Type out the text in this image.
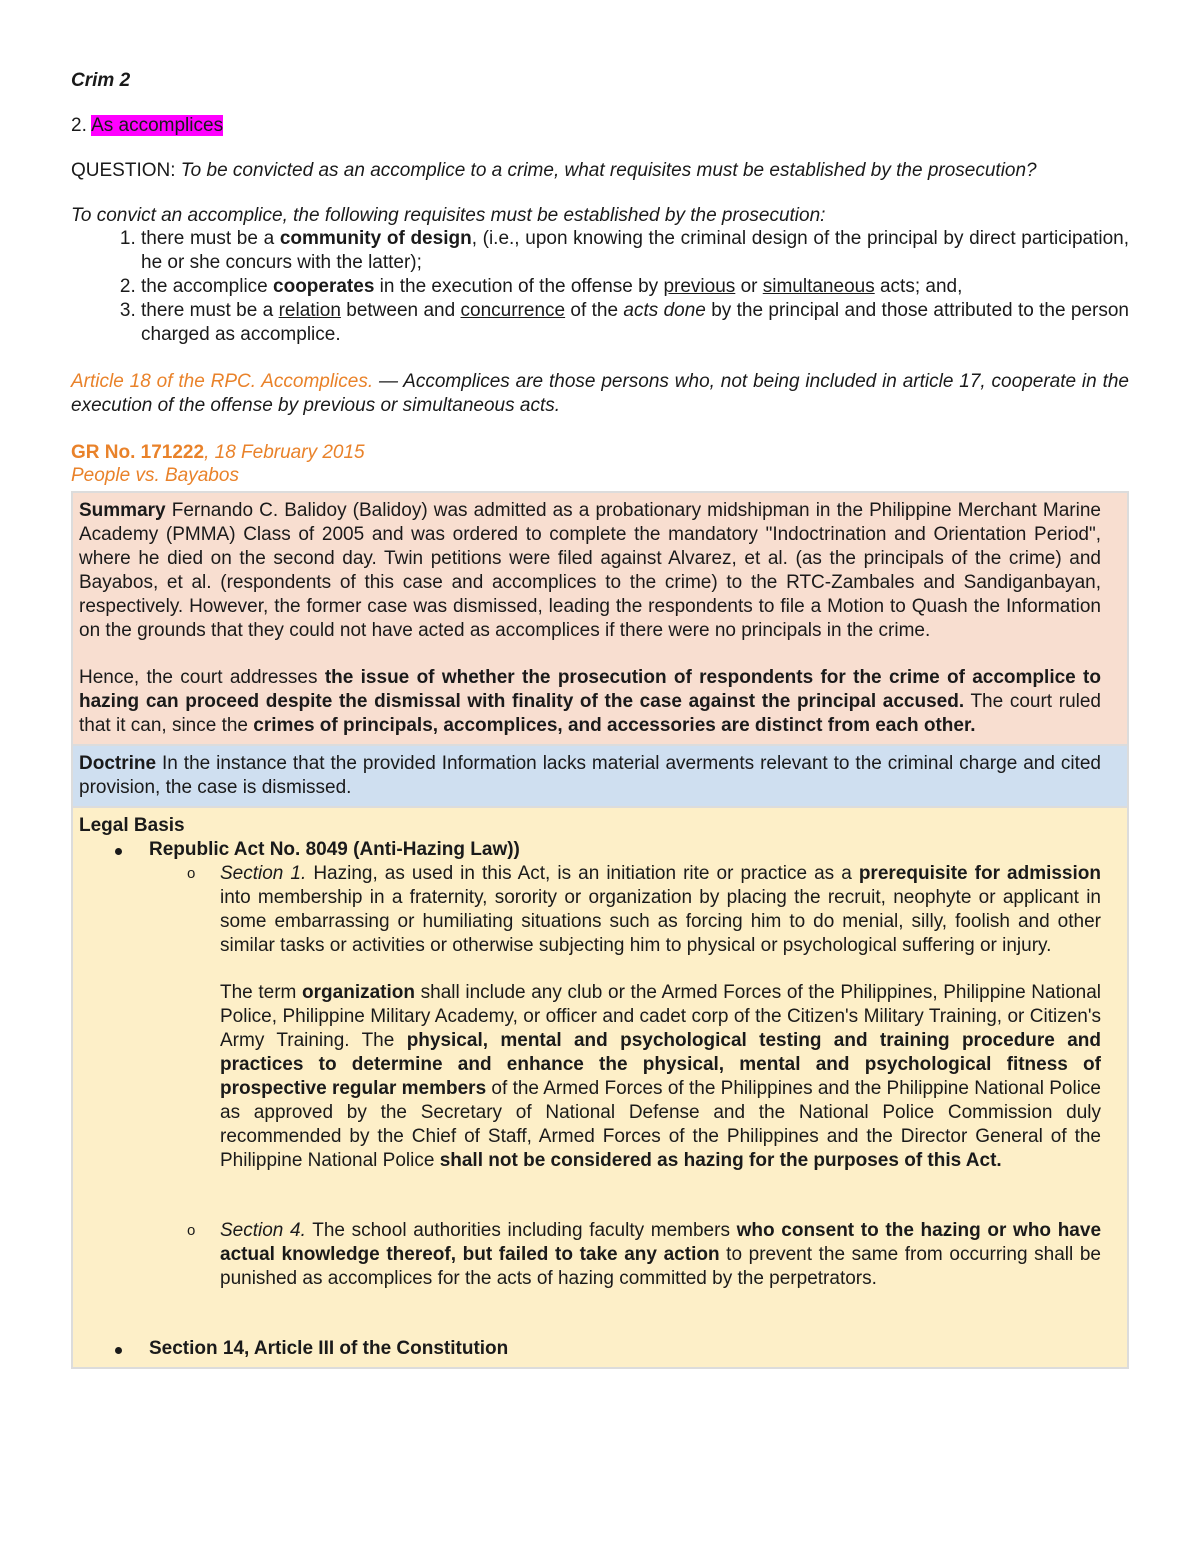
Crim 2

2. As accomplices
QUESTION: To be convicted as an accomplice to a crime, what requisites must be established by the prosecution?
To convict an accomplice, the following requisites must be established by the prosecution:
1. there must be a community of design, (i.e., upon knowing the criminal design of the principal by direct participation, he or she concurs with the latter);
2. the accomplice cooperates in the execution of the offense by previous or simultaneous acts; and,
3. there must be a relation between and concurrence of the acts done by the principal and those attributed to the person charged as accomplice.
Article 18 of the RPC. Accomplices. — Accomplices are those persons who, not being included in article 17, cooperate in the execution of the offense by previous or simultaneous acts.
GR No. 171222, 18 February 2015
People vs. Bayabos
Summary Fernando C. Balidoy (Balidoy) was admitted as a probationary midshipman in the Philippine Merchant Marine Academy (PMMA) Class of 2005 and was ordered to complete the mandatory "Indoctrination and Orientation Period", where he died on the second day. Twin petitions were filed against Alvarez, et al. (as the principals of the crime) and Bayabos, et al. (respondents of this case and accomplices to the crime) to the RTC-Zambales and Sandiganbayan, respectively. However, the former case was dismissed, leading the respondents to file a Motion to Quash the Information on the grounds that they could not have acted as accomplices if there were no principals in the crime.
Hence, the court addresses the issue of whether the prosecution of respondents for the crime of accomplice to hazing can proceed despite the dismissal with finality of the case against the principal accused. The court ruled that it can, since the crimes of principals, accomplices, and accessories are distinct from each other.
Doctrine In the instance that the provided Information lacks material averments relevant to the criminal charge and cited provision, the case is dismissed.
Legal Basis
Republic Act No. 8049 (Anti-Hazing Law))
o Section 1. Hazing, as used in this Act, is an initiation rite or practice as a prerequisite for admission into membership in a fraternity, sorority or organization by placing the recruit, neophyte or applicant in some embarrassing or humiliating situations such as forcing him to do menial, silly, foolish and other similar tasks or activities or otherwise subjecting him to physical or psychological suffering or injury.
The term organization shall include any club or the Armed Forces of the Philippines, Philippine National Police, Philippine Military Academy, or officer and cadet corp of the Citizen's Military Training, or Citizen's Army Training. The physical, mental and psychological testing and training procedure and practices to determine and enhance the physical, mental and psychological fitness of prospective regular members of the Armed Forces of the Philippines and the Philippine National Police as approved by the Secretary of National Defense and the National Police Commission duly recommended by the Chief of Staff, Armed Forces of the Philippines and the Director General of the Philippine National Police shall not be considered as hazing for the purposes of this Act.
o Section 4. The school authorities including faculty members who consent to the hazing or who have actual knowledge thereof, but failed to take any action to prevent the same from occurring shall be punished as accomplices for the acts of hazing committed by the perpetrators.
Section 14, Article III of the Constitution
